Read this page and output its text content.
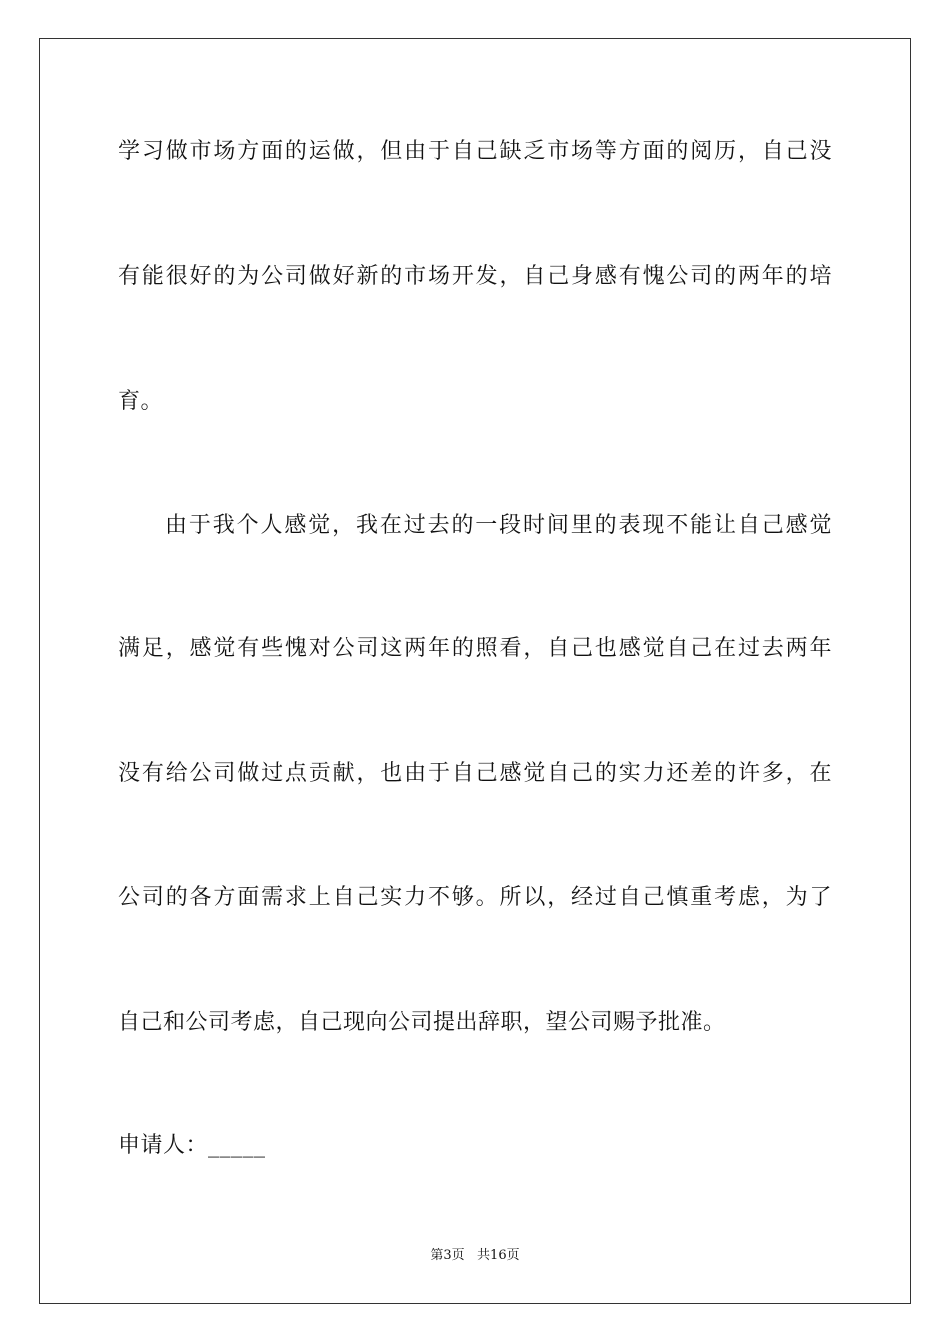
学习做市场方面的运做，但由于自己缺乏市场等方面的阅历，自己没
有能很好的为公司做好新的市场开发，自己身感有愧公司的两年的培
育。
由于我个人感觉，我在过去的一段时间里的表现不能让自己感觉
满足，感觉有些愧对公司这两年的照看，自己也感觉自己在过去两年
没有给公司做过点贡献，也由于自己感觉自己的实力还差的许多，在
公司的各方面需求上自己实力不够。所以，经过自己慎重考虑，为了
自己和公司考虑，自己现向公司提出辞职，望公司赐予批准。
申请人：_____
第3页   共16页
